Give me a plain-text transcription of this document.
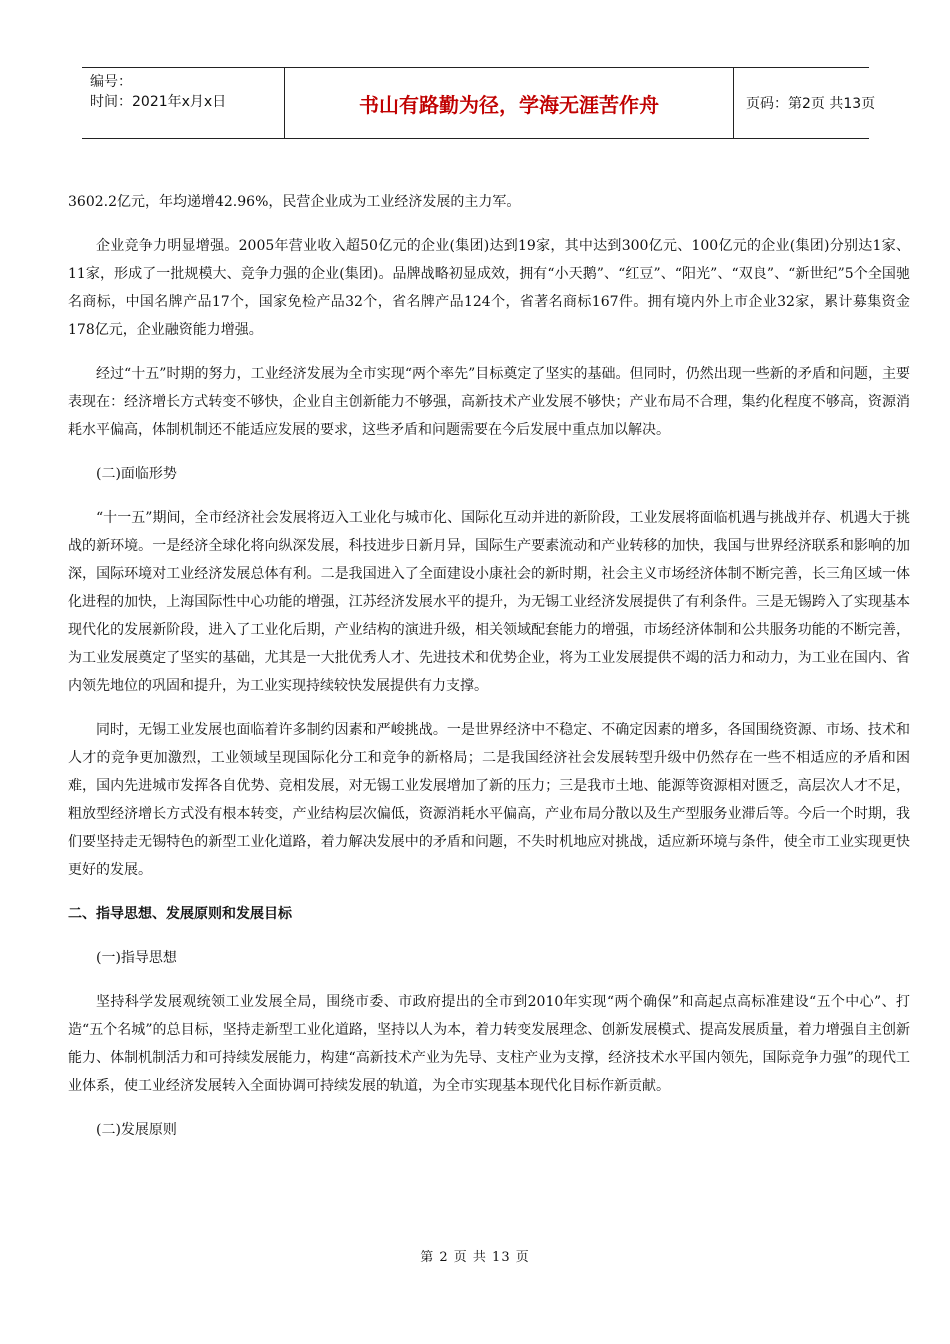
编号：
时间：2021年x月x日	书山有路勤为径，学海无涯苦作舟	页码：第2页 共13页

3602.2亿元，年均递增42.96%，民营企业成为工业经济发展的主力军。

企业竞争力明显增强。2005年营业收入超50亿元的企业(集团)达到19家，其中达到300亿元、100亿元的企业(集团)分别达1家、11家，形成了一批规模大、竞争力强的企业(集团)。品牌战略初显成效，拥有“小天鹅”、“红豆”、“阳光”、“双良”、“新世纪”5个全国驰名商标，中国名牌产品17个，国家免检产品32个，省名牌产品124个，省著名商标167件。拥有境内外上市企业32家，累计募集资金178亿元，企业融资能力增强。

经过“十五”时期的努力，工业经济发展为全市实现“两个率先”目标奠定了坚实的基础。但同时，仍然出现一些新的矛盾和问题，主要表现在：经济增长方式转变不够快，企业自主创新能力不够强，高新技术产业发展不够快；产业布局不合理，集约化程度不够高，资源消耗水平偏高，体制机制还不能适应发展的要求，这些矛盾和问题需要在今后发展中重点加以解决。

(二)面临形势

“十一五”期间，全市经济社会发展将迈入工业化与城市化、国际化互动并进的新阶段，工业发展将面临机遇与挑战并存、机遇大于挑战的新环境。一是经济全球化将向纵深发展，科技进步日新月异，国际生产要素流动和产业转移的加快，我国与世界经济联系和影响的加深，国际环境对工业经济发展总体有利。二是我国进入了全面建设小康社会的新时期，社会主义市场经济体制不断完善，长三角区域一体化进程的加快，上海国际性中心功能的增强，江苏经济发展水平的提升，为无锡工业经济发展提供了有利条件。三是无锡跨入了实现基本现代化的发展新阶段，进入了工业化后期，产业结构的演进升级，相关领域配套能力的增强，市场经济体制和公共服务功能的不断完善，为工业发展奠定了坚实的基础，尤其是一大批优秀人才、先进技术和优势企业，将为工业发展提供不竭的活力和动力，为工业在国内、省内领先地位的巩固和提升，为工业实现持续较快发展提供有力支撑。

同时，无锡工业发展也面临着许多制约因素和严峻挑战。一是世界经济中不稳定、不确定因素的增多，各国围绕资源、市场、技术和人才的竞争更加激烈，工业领域呈现国际化分工和竞争的新格局；二是我国经济社会发展转型升级中仍然存在一些不相适应的矛盾和困难，国内先进城市发挥各自优势、竞相发展，对无锡工业发展增加了新的压力；三是我市土地、能源等资源相对匮乏，高层次人才不足，粗放型经济增长方式没有根本转变，产业结构层次偏低，资源消耗水平偏高，产业布局分散以及生产型服务业滞后等。今后一个时期，我们要坚持走无锡特色的新型工业化道路，着力解决发展中的矛盾和问题，不失时机地应对挑战，适应新环境与条件，使全市工业实现更快更好的发展。

二、指导思想、发展原则和发展目标

(一)指导思想

坚持科学发展观统领工业发展全局，围绕市委、市政府提出的全市到2010年实现“两个确保”和高起点高标准建设“五个中心”、打造“五个名城”的总目标，坚持走新型工业化道路，坚持以人为本，着力转变发展理念、创新发展模式、提高发展质量，着力增强自主创新能力、体制机制活力和可持续发展能力，构建“高新技术产业为先导、支柱产业为支撑，经济技术水平国内领先，国际竞争力强”的现代工业体系，使工业经济发展转入全面协调可持续发展的轨道，为全市实现基本现代化目标作新贡献。

(二)发展原则

第 2 页 共 13 页
